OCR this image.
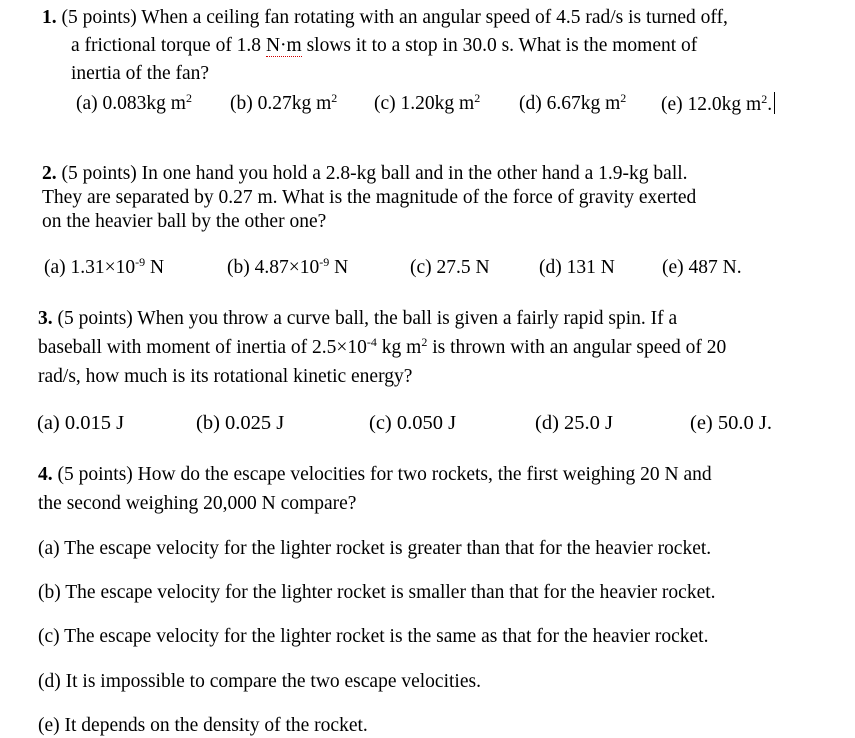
1. (5 points) When a ceiling fan rotating with an angular speed of 4.5 rad/s is turned off,
a frictional torque of 1.8 N·m slows it to a stop in 30.0 s. What is the moment of
inertia of the fan?
(a) 0.083kg $m^2$ (b) 0.27kg $m^2$ (c) 1.20kg $m^2$ (d) 6.67kg $m^2$ (e) 12.0kg $m^2$.
2. (5 points) In one hand you hold a 2.8-kg ball and in the other hand a 1.9-kg ball.
They are separated by 0.27 m. What is the magnitude of the force of gravity exerted
on the heavier ball by the other one?
(a) $1.31\times 10^{-9}$ N	(b) $4.87\times 10^{-9}$ N	(c) 27.5 N	(d) 131 N (e) 487 N.
3. (5 points) When you throw a curve ball, the ball is given a fairly rapid spin. If a
baseball with moment of inertia of $2.5\times 10^{-4}$ kg $m^2$ is thrown with an angular speed of 20
rad/s, how much is its rotational kinetic energy?
(a) 0.015 J	(b) 0.025 J	(c) 0.050 J	(d) 25.0 J	(e) 50.0 J.
4. (5 points) How do the escape velocities for two rockets, the first weighing 20 N and
the second weighing 20,000 N compare?
(a) The escape velocity for the lighter rocket is greater than that for the heavier rocket.
(b) The escape velocity for the lighter rocket is smaller than that for the heavier rocket.
(c) The escape velocity for the lighter rocket is the same as that for the heavier rocket.
(d) It is impossible to compare the two escape velocities.
(e) It depends on the density of the rocket.
